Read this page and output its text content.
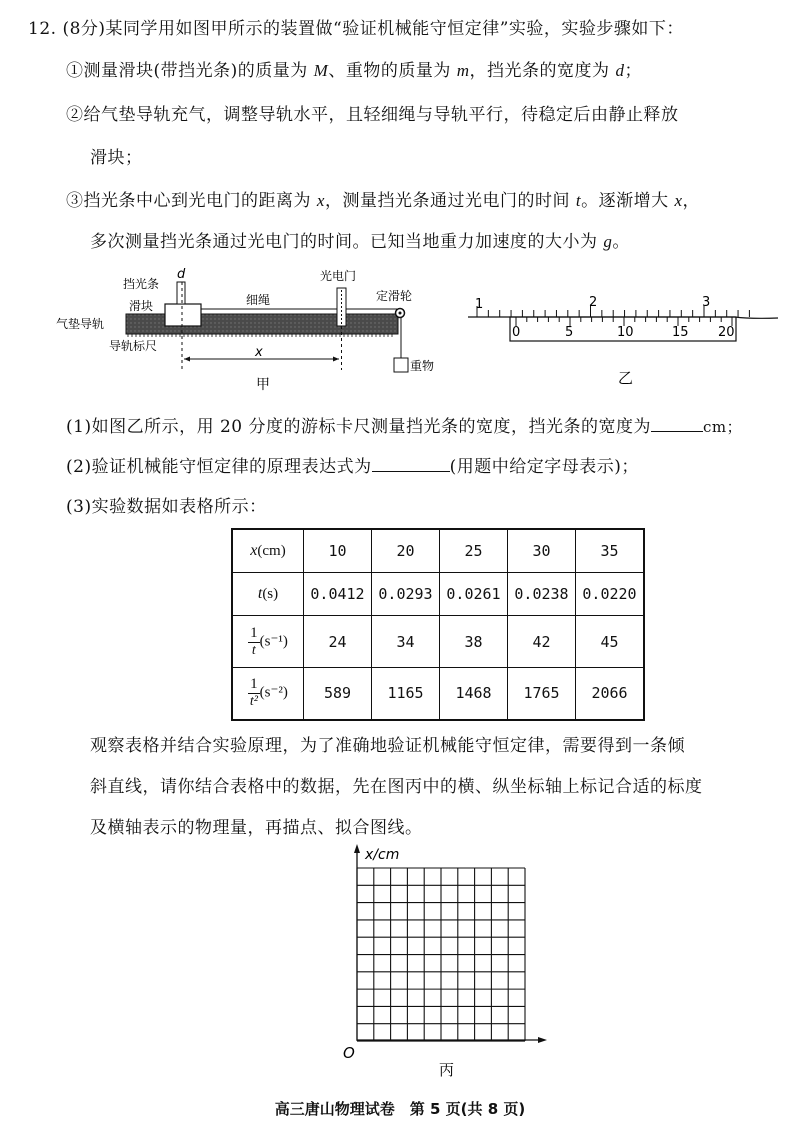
12. (8分)某同学用如图甲所示的装置做“验证机械能守恒定律”实验，实验步骤如下：
①测量滑块(带挡光条)的质量为 M、重物的质量为 m，挡光条的宽度为 d；
②给气垫导轨充气，调整导轨水平，且轻细绳与导轨平行，待稳定后由静止释放
滑块；
③挡光条中心到光电门的距离为 x，测量挡光条通过光电门的时间 t。逐渐增大 x，
多次测量挡光条通过光电门的时间。已知当地重力加速度的大小为 g。
d
挡光条
滑块	细绳
光电门
定滑轮
气垫导轨
导轨标尺	x
重物
甲
1	2	3
0	5	10	15 20
乙
(1)如图乙所示，用 20 分度的游标卡尺测量挡光条的宽度，挡光条的宽度为	cm；
(2)验证机械能守恒定律的原理表达式为	(用题中给定字母表示)；
(3)实验数据如表格所示：
x(cm)	10	20	25	30	35
t(s)	0.0412	0.0293	0.0261	0.0238	0.0220

$\frac{1}{t} (s^{-1})$	24	34	38	42	45

$\frac{1}{\text{t²}} (s^{-2})$	589	1165	1468	1765	2066
观察表格并结合实验原理，为了准确地验证机械能守恒定律，需要得到一条倾
斜直线，请你结合表格中的数据，先在图丙中的横、纵坐标轴上标记合适的标度
及横轴表示的物理量，再描点、拟合图线。
x/cm
O
丙
高三唐山物理试卷　第 5 页(共 8 页)
